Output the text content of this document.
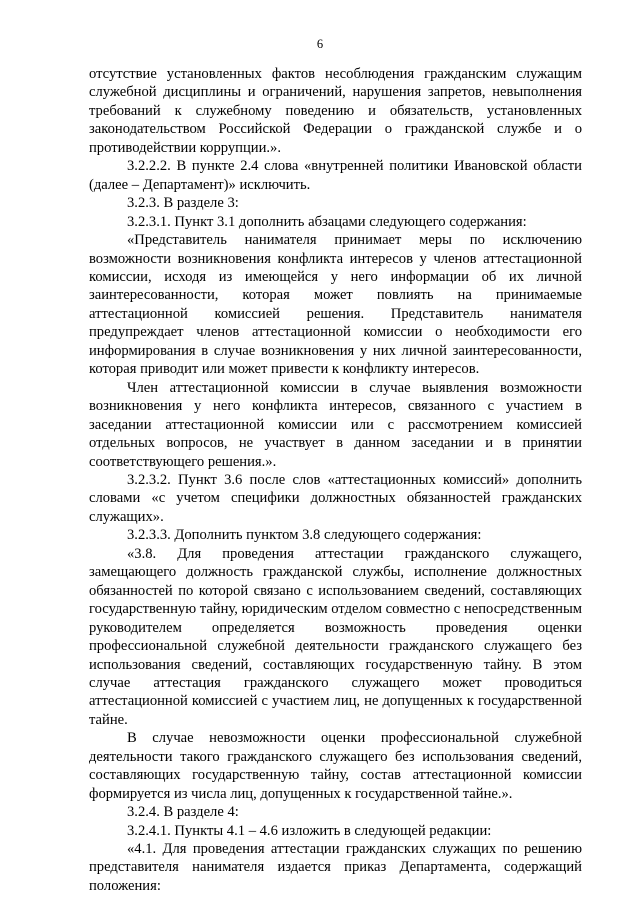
6

отсутствие установленных фактов несоблюдения гражданским служащим служебной дисциплины и ограничений, нарушения запретов, невыполнения требований к служебному поведению и обязательств, установленных законодательством Российской Федерации о гражданской службе и о противодействии коррупции.».

3.2.2.2. В пункте 2.4 слова «внутренней политики Ивановской области (далее – Департамент)» исключить.

3.2.3. В разделе 3:

3.2.3.1. Пункт 3.1 дополнить абзацами следующего содержания:

«Представитель нанимателя принимает меры по исключению возможности возникновения конфликта интересов у членов аттестационной комиссии, исходя из имеющейся у него информации об их личной заинтересованности, которая может повлиять на принимаемые аттестационной комиссией решения. Представитель нанимателя предупреждает членов аттестационной комиссии о необходимости его информирования в случае возникновения у них личной заинтересованности, которая приводит или может привести к конфликту интересов.

Член аттестационной комиссии в случае выявления возможности возникновения у него конфликта интересов, связанного с участием в заседании аттестационной комиссии или с рассмотрением комиссией отдельных вопросов, не участвует в данном заседании и в принятии соответствующего решения.».

3.2.3.2. Пункт 3.6 после слов «аттестационных комиссий» дополнить словами «с учетом специфики должностных обязанностей гражданских служащих».

3.2.3.3. Дополнить пунктом 3.8 следующего содержания:

«3.8. Для проведения аттестации гражданского служащего, замещающего должность гражданской службы, исполнение должностных обязанностей по которой связано с использованием сведений, составляющих государственную тайну, юридическим отделом совместно с непосредственным руководителем определяется возможность проведения оценки профессиональной служебной деятельности гражданского служащего без использования сведений, составляющих государственную тайну. В этом случае аттестация гражданского служащего может проводиться аттестационной комиссией с участием лиц, не допущенных к государственной тайне.

В случае невозможности оценки профессиональной служебной деятельности такого гражданского служащего без использования сведений, составляющих государственную тайну, состав аттестационной комиссии формируется из числа лиц, допущенных к государственной тайне.».

3.2.4. В разделе 4:

3.2.4.1. Пункты 4.1 – 4.6 изложить в следующей редакции:

«4.1. Для проведения аттестации гражданских служащих по решению представителя нанимателя издается приказ Департамента, содержащий положения:
